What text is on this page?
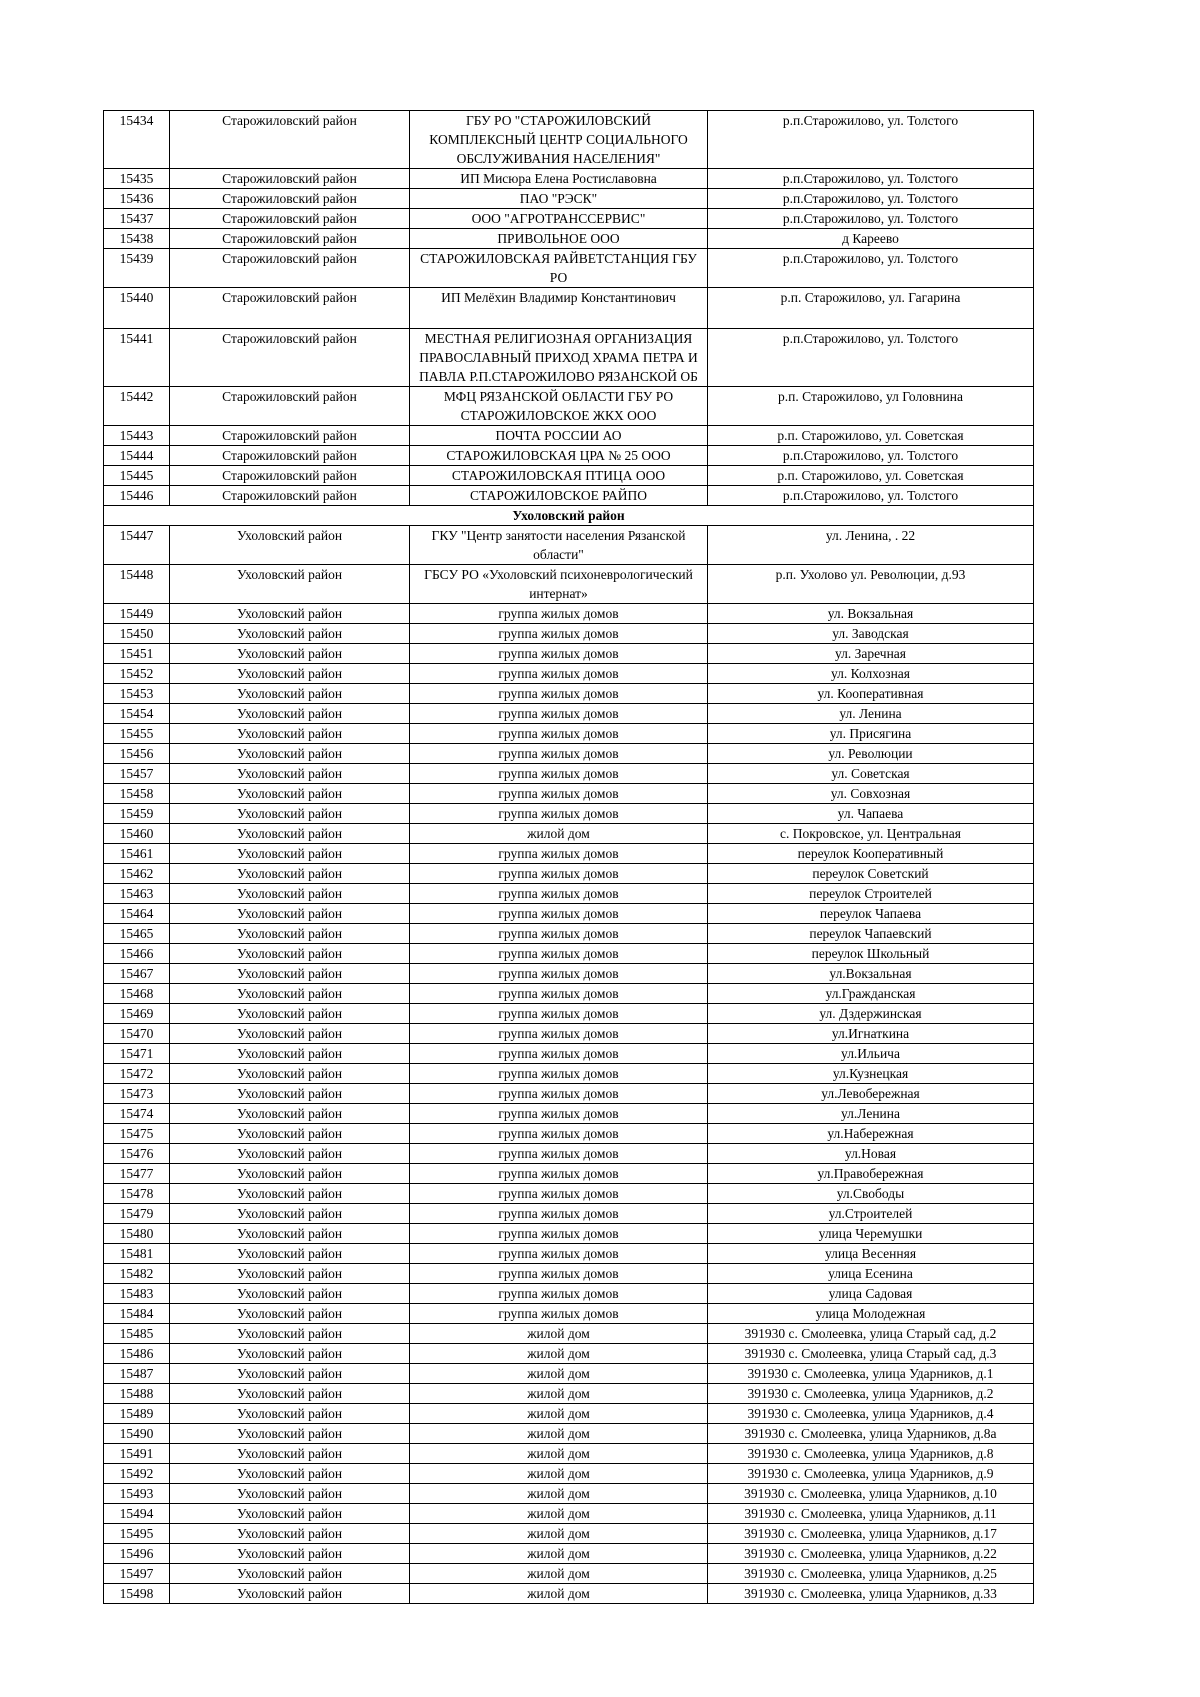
15434	Старожиловский район	ГБУ РО "СТАРОЖИЛОВСКИЙ КОМПЛЕКСНЫЙ ЦЕНТР СОЦИАЛЬНОГО ОБСЛУЖИВАНИЯ НАСЕЛЕНИЯ"	р.п.Старожилово, ул. Толстого
15435	Старожиловский район	ИП Мисюра Елена Ростиславовна	р.п.Старожилово, ул. Толстого
15436	Старожиловский район	ПАО "РЭСК"	р.п.Старожилово, ул. Толстого
15437	Старожиловский район	ООО "АГРОТРАНССЕРВИС"	р.п.Старожилово, ул. Толстого
15438	Старожиловский район	ПРИВОЛЬНОЕ ООО	д Кареево
15439	Старожиловский район	СТАРОЖИЛОВСКАЯ РАЙВЕТСТАНЦИЯ ГБУ РО	р.п.Старожилово, ул. Толстого
15440	Старожиловский район	ИП Мелёхин Владимир Константинович	р.п. Старожилово, ул. Гагарина
15441	Старожиловский район	МЕСТНАЯ РЕЛИГИОЗНАЯ ОРГАНИЗАЦИЯ ПРАВОСЛАВНЫЙ ПРИХОД ХРАМА ПЕТРА И ПАВЛА Р.П.СТАРОЖИЛОВО РЯЗАНСКОЙ ОБ	р.п.Старожилово, ул. Толстого
15442	Старожиловский район	МФЦ РЯЗАНСКОЙ ОБЛАСТИ ГБУ РО СТАРОЖИЛОВСКОЕ ЖКХ ООО	р.п. Старожилово, ул Головнина
15443	Старожиловский район	ПОЧТА РОССИИ АО	р.п. Старожилово, ул. Советская
15444	Старожиловский район	СТАРОЖИЛОВСКАЯ ЦРА № 25 ООО	р.п.Старожилово, ул. Толстого
15445	Старожиловский район	СТАРОЖИЛОВСКАЯ ПТИЦА ООО	р.п. Старожилово, ул. Советская
15446	Старожиловский район	СТАРОЖИЛОВСКОЕ РАЙПО	р.п.Старожилово, ул. Толстого
Ухоловский район			
15447	Ухоловский район	ГКУ "Центр занятости населения Рязанской области"	ул. Ленина, . 22
15448	Ухоловский район	ГБСУ РО «Ухоловский психоневрологический интернат»	р.п. Ухолово ул. Революции, д.93
15449	Ухоловский район	группа жилых домов	ул. Вокзальная
15450	Ухоловский район	группа жилых домов	ул. Заводская
15451	Ухоловский район	группа жилых домов	ул. Заречная
15452	Ухоловский район	группа жилых домов	ул. Колхозная
15453	Ухоловский район	группа жилых домов	ул. Кооперативная
15454	Ухоловский район	группа жилых домов	ул. Ленина
15455	Ухоловский район	группа жилых домов	ул. Присягина
15456	Ухоловский район	группа жилых домов	ул. Революции
15457	Ухоловский район	группа жилых домов	ул. Советская
15458	Ухоловский район	группа жилых домов	ул. Совхозная
15459	Ухоловский район	группа жилых домов	ул. Чапаева
15460	Ухоловский район	жилой дом	с. Покровское, ул. Центральная
15461	Ухоловский район	группа жилых домов	переулок Кооперативный
15462	Ухоловский район	группа жилых домов	переулок Советский
15463	Ухоловский район	группа жилых домов	переулок Строителей
15464	Ухоловский район	группа жилых домов	переулок Чапаева
15465	Ухоловский район	группа жилых домов	переулок Чапаевский
15466	Ухоловский район	группа жилых домов	переулок Школьный
15467	Ухоловский район	группа жилых домов	ул.Вокзальная
15468	Ухоловский район	группа жилых домов	ул.Гражданская
15469	Ухоловский район	группа жилых домов	ул. Дздержинская
15470	Ухоловский район	группа жилых домов	ул.Игнаткина
15471	Ухоловский район	группа жилых домов	ул.Ильича
15472	Ухоловский район	группа жилых домов	ул.Кузнецкая
15473	Ухоловский район	группа жилых домов	ул.Левобережная
15474	Ухоловский район	группа жилых домов	ул.Ленина
15475	Ухоловский район	группа жилых домов	ул.Набережная
15476	Ухоловский район	группа жилых домов	ул.Новая
15477	Ухоловский район	группа жилых домов	ул.Правобережная
15478	Ухоловский район	группа жилых домов	ул.Свободы
15479	Ухоловский район	группа жилых домов	ул.Строителей
15480	Ухоловский район	группа жилых домов	улица Черемушки
15481	Ухоловский район	группа жилых домов	улица Весенняя
15482	Ухоловский район	группа жилых домов	улица Есенина
15483	Ухоловский район	группа жилых домов	улица Садовая
15484	Ухоловский район	группа жилых домов	улица Молодежная
15485	Ухоловский район	жилой дом	391930 с. Смолеевка, улица Старый сад, д.2
15486	Ухоловский район	жилой дом	391930 с. Смолеевка, улица Старый сад, д.3
15487	Ухоловский район	жилой дом	391930 с. Смолеевка, улица Ударников, д.1
15488	Ухоловский район	жилой дом	391930 с. Смолеевка, улица Ударников, д.2
15489	Ухоловский район	жилой дом	391930 с. Смолеевка, улица Ударников, д.4
15490	Ухоловский район	жилой дом	391930 с. Смолеевка, улица Ударников, д.8а
15491	Ухоловский район	жилой дом	391930 с. Смолеевка, улица Ударников, д.8
15492	Ухоловский район	жилой дом	391930 с. Смолеевка, улица Ударников, д.9
15493	Ухоловский район	жилой дом	391930 с. Смолеевка, улица Ударников, д.10
15494	Ухоловский район	жилой дом	391930 с. Смолеевка, улица Ударников, д.11
15495	Ухоловский район	жилой дом	391930 с. Смолеевка, улица Ударников, д.17
15496	Ухоловский район	жилой дом	391930 с. Смолеевка, улица Ударников, д.22
15497	Ухоловский район	жилой дом	391930 с. Смолеевка, улица Ударников, д.25
15498	Ухоловский район	жилой дом	391930 с. Смолеевка, улица Ударников, д.33
